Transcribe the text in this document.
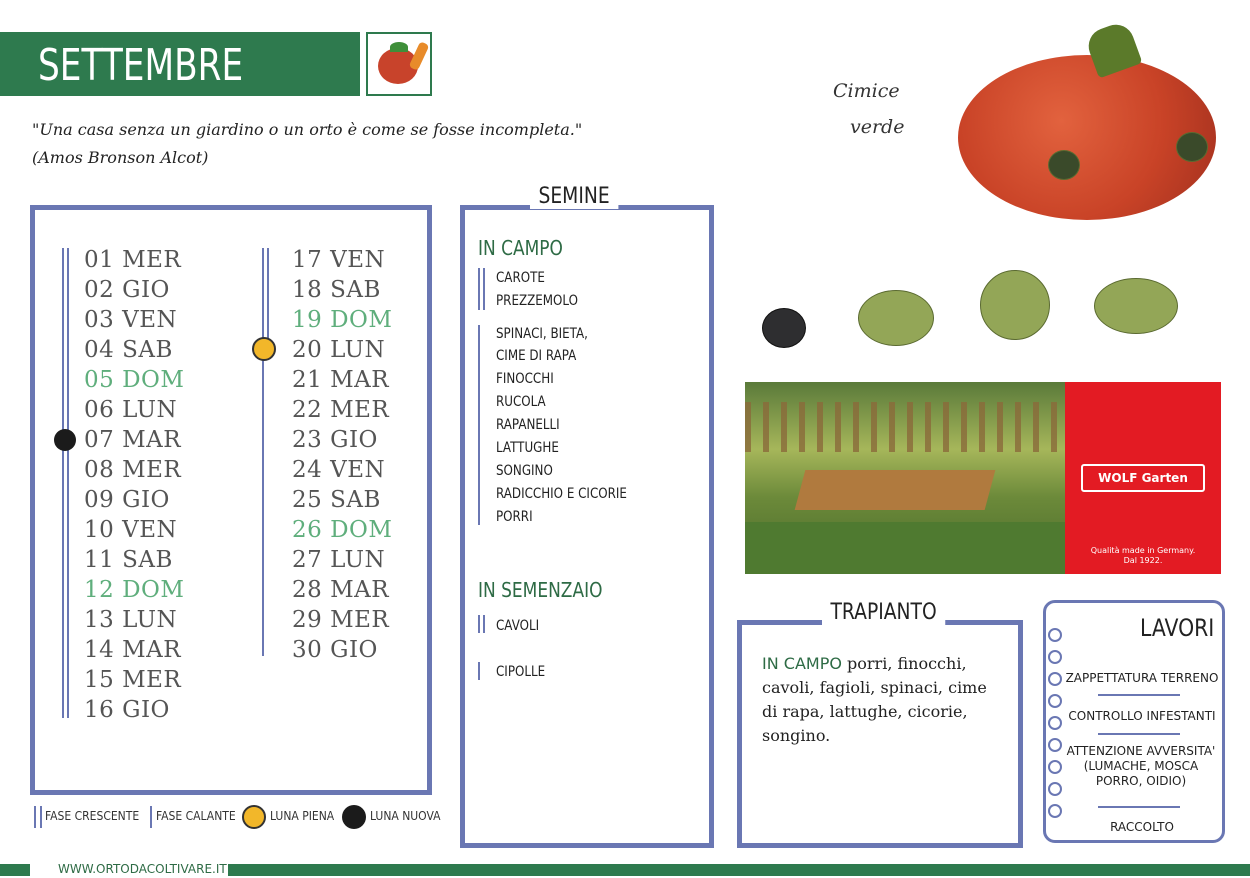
SETTEMBRE
"Una casa senza un giardino o un orto è come se fosse incompleta."
(Amos Bronson Alcot)
01 MER
02 GIO
03 VEN
04 SAB
05 DOM
06 LUN
07 MAR
08 MER
09 GIO
10 VEN
11 SAB
12 DOM
13 LUN
14 MAR
15 MER
16 GIO
17 VEN
18 SAB
19 DOM
20 LUN
21 MAR
22 MER
23 GIO
24 VEN
25 SAB
26 DOM
27 LUN
28 MAR
29 MER
30 GIO
FASE CRESCENTE	FASE CALANTE	LUNA PIENA	LUNA NUOVA
SEMINE
IN CAMPO
CAROTE
PREZZEMOLO
SPINACI, BIETA,
CIME DI RAPA
FINOCCHI
RUCOLA
RAPANELLI
LATTUGHE
SONGINO
RADICCHIO E CICORIE
PORRI
IN SEMENZAIO
CAVOLI
CIPOLLE
Cimice
verde
WOLF Garten
Qualità made in Germany.
Dal 1922.
TRAPIANTO
IN CAMPO porri, finocchi, cavoli, fagioli, spinaci, cime di rapa, lattughe, cicorie, songino.
LAVORI
ZAPPETTATURA TERRENO
CONTROLLO INFESTANTI
ATTENZIONE AVVERSITA' (LUMACHE, MOSCA PORRO, OIDIO)
RACCOLTO
WWW.ORTODACOLTIVARE.IT
